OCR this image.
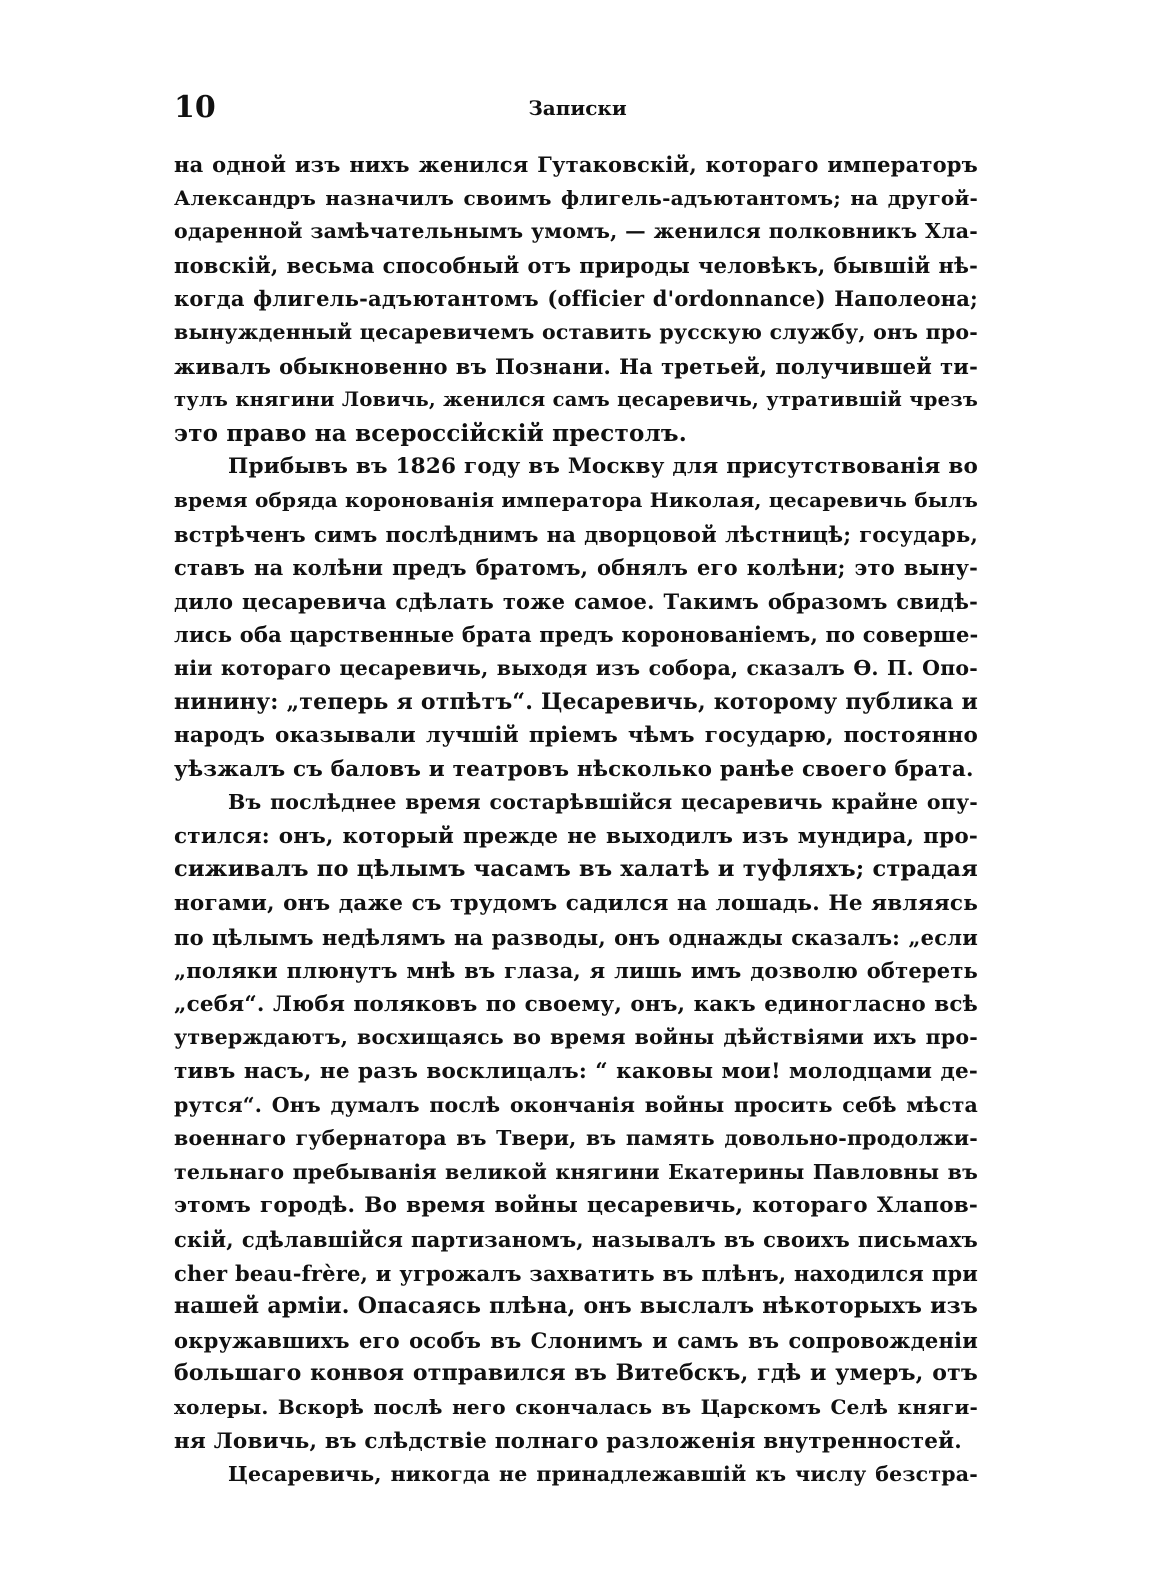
10	Записки
на одной изъ нихъ женился Гутаковскій, котораго императоръ
Александръ назначилъ своимъ флигель-адъютантомъ; на другой-
одаренной замѣчательнымъ умомъ, — женился полковникъ Хла-
повскій, весьма способный отъ природы человѣкъ, бывшій нѣ-
когда флигель-адъютантомъ (officier d'ordonnance) Наполеона;
вынужденный цесаревичемъ оставить русскую службу, онъ про-
живалъ обыкновенно въ Познани. На третьей, получившей ти-
тулъ княгини Ловичь, женился самъ цесаревичь, утратившій чрезъ
это право на всероссійскій престолъ.
Прибывъ въ 1826 году въ Москву для присутствованія во
время обряда коронованія императора Николая, цесаревичь былъ
встрѣченъ симъ послѣднимъ на дворцовой лѣстницѣ; государь,
ставъ на колѣни предъ братомъ, обнялъ его колѣни; это выну-
дило цесаревича сдѣлать тоже самое. Такимъ образомъ свидѣ-
лись оба царственные брата предъ коронованіемъ, по соверше-
ніи котораго цесаревичь, выходя изъ собора, сказалъ Ѳ. П. Опо-
нинину: „теперь я отпѣтъ“. Цесаревичь, которому публика и
народъ оказывали лучшій пріемъ чѣмъ государю, постоянно
уѣзжалъ съ баловъ и театровъ нѣсколько ранѣе своего брата.
Въ послѣднее время состарѣвшійся цесаревичь крайне опу-
стился: онъ, который прежде не выходилъ изъ мундира, про-
сиживалъ по цѣлымъ часамъ въ халатѣ и туфляхъ; страдая
ногами, онъ даже съ трудомъ садился на лошадь. Не являясь
по цѣлымъ недѣлямъ на разводы, онъ однажды сказалъ: „если
„поляки плюнутъ мнѣ въ глаза, я лишь имъ дозволю обтереть
„себя“. Любя поляковъ по своему, онъ, какъ единогласно всѣ
утверждаютъ, восхищаясь во время войны дѣйствіями ихъ про-
тивъ насъ, не разъ восклицалъ: “ каковы мои! молодцами де-
рутся“. Онъ думалъ послѣ окончанія войны просить себѣ мѣста
военнаго губернатора въ Твери, въ память довольно-продолжи-
тельнаго пребыванія великой княгини Екатерины Павловны въ
этомъ городѣ. Во время войны цесаревичь, котораго Хлапов-
скій, сдѣлавшійся партизаномъ, называлъ въ своихъ письмахъ
cher beau-frère, и угрожалъ захватить въ плѣнъ, находился при
нашей арміи. Опасаясь плѣна, онъ выслалъ нѣкоторыхъ изъ
окружавшихъ его особъ въ Слонимъ и самъ въ сопровожденіи
большаго конвоя отправился въ Витебскъ, гдѣ и умеръ, отъ
холеры. Вскорѣ послѣ него скончалась въ Царскомъ Селѣ княги-
ня Ловичь, въ слѣдствіе полнаго разложенія внутренностей.
Цесаревичь, никогда не принадлежавшій къ числу безстра-
